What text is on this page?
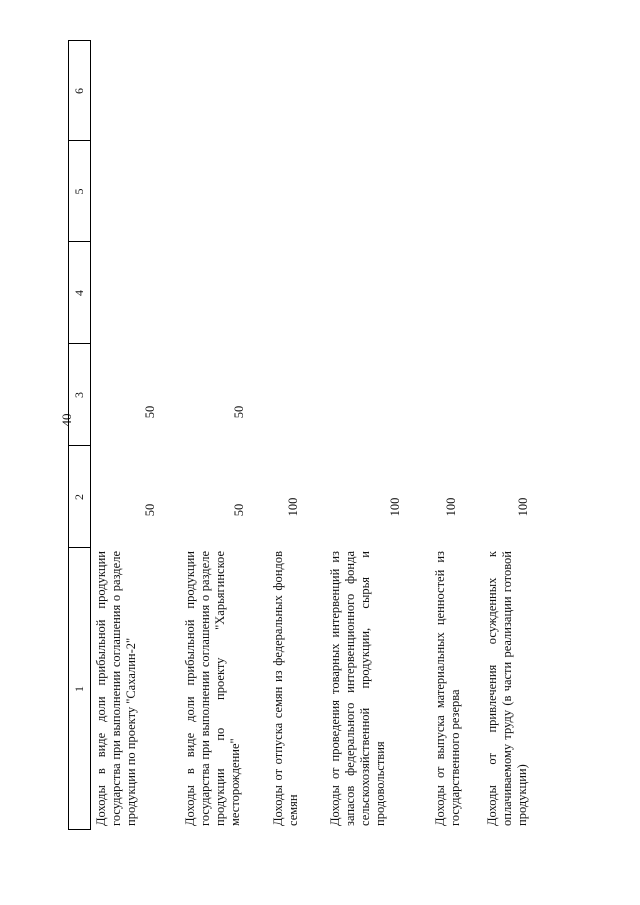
40
1
2
3
4
5
6
Доходы в виде доли прибыльной продукции государства при выполнении соглашения о разделе продукции по проекту "Сахалин-2"
50
50
Доходы в виде доли прибыльной продукции государства при выполнении соглашения о разделе продукции по проекту "Харьягинское месторождение"
50
50
Доходы от отпуска семян из федеральных фондов семян
100
Доходы от проведения товарных интервенций из запасов федерального интервенционного фонда сельскохозяйственной продукции, сырья и продовольствия
100
Доходы от выпуска материальных ценностей из государственного резерва
100
Доходы от привлечения осужденных к оплачиваемому труду (в части реализации готовой продукции)
100
